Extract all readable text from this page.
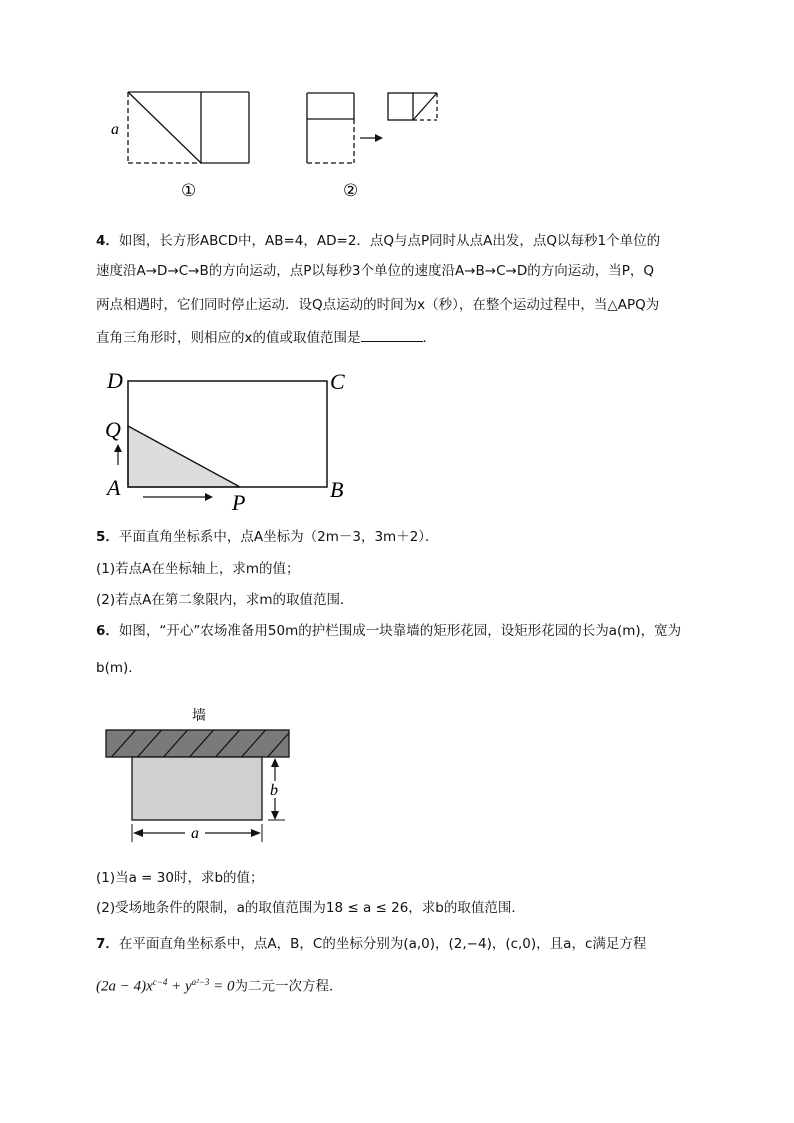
a
①	②
4．如图，长方形ABCD中，AB=4，AD=2．点Q与点P同时从点A出发，点Q以每秒1个单位的
速度沿A→D→C→B的方向运动，点P以每秒3个单位的速度沿A→B→C→D的方向运动，当P，Q
两点相遇时，它们同时停止运动．设Q点运动的时间为x（秒），在整个运动过程中，当△APQ为
直角三角形时，则相应的x的值或取值范围是	．
D	C
Q
A
P
B
5．平面直角坐标系中，点A坐标为（2m－3，3m＋2）．
(1)若点A在坐标轴上，求m的值；
(2)若点A在第二象限内，求m的取值范围．
6．如图，“开心”农场准备用50m的护栏围成一块靠墙的矩形花园，设矩形花园的长为a(m)，宽为
b(m)．
墙
b
a
(1)当a = 30时，求b的值；
(2)受场地条件的限制，a的取值范围为18 ≤ a ≤ 26，求b的取值范围．
7．在平面直角坐标系中，点A，B，C的坐标分别为(a,0)，(2,−4)，(c,0)，且a，c满足方程
$(2a - 4)x^{c-4} + y^{a^2-3} = 0$为二元一次方程．
